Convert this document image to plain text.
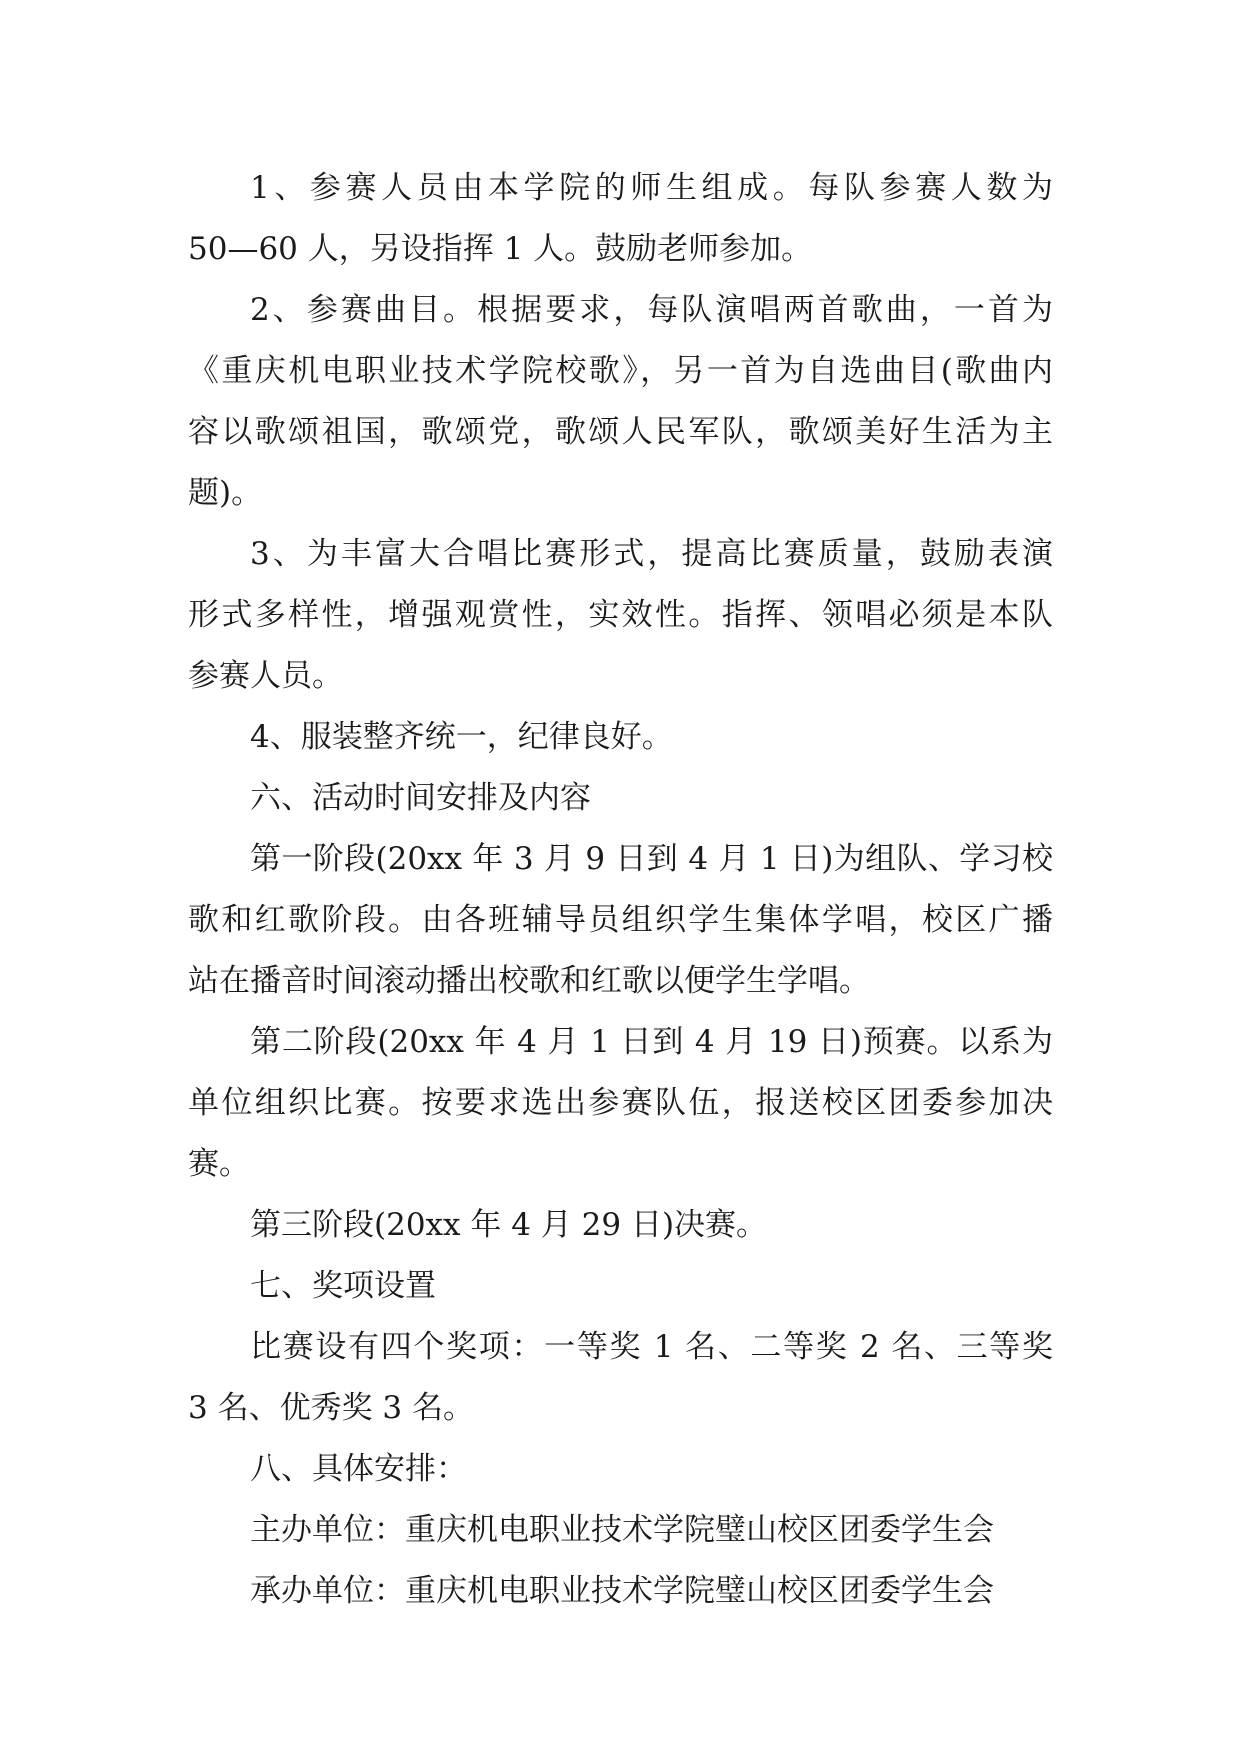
1、参赛人员由本学院的师生组成。每队参赛人数为
50—60 人，另设指挥 1 人。鼓励老师参加。

2、参赛曲目。根据要求，每队演唱两首歌曲，一首为
《重庆机电职业技术学院校歌》，另一首为自选曲目(歌曲内
容以歌颂祖国，歌颂党，歌颂人民军队，歌颂美好生活为主
题)。

3、为丰富大合唱比赛形式，提高比赛质量，鼓励表演
形式多样性，增强观赏性，实效性。指挥、领唱必须是本队
参赛人员。

4、服装整齐统一，纪律良好。

六、活动时间安排及内容

第一阶段(20xx 年 3 月 9 日到 4 月 1 日)为组队、学习校
歌和红歌阶段。由各班辅导员组织学生集体学唱，校区广播
站在播音时间滚动播出校歌和红歌以便学生学唱。

第二阶段(20xx 年 4 月 1 日到 4 月 19 日)预赛。以系为
单位组织比赛。按要求选出参赛队伍，报送校区团委参加决
赛。

第三阶段(20xx 年 4 月 29 日)决赛。

七、奖项设置

比赛设有四个奖项：一等奖 1 名、二等奖 2 名、三等奖
3 名、优秀奖 3 名。

八、具体安排：

主办单位：重庆机电职业技术学院璧山校区团委学生会

承办单位：重庆机电职业技术学院璧山校区团委学生会
